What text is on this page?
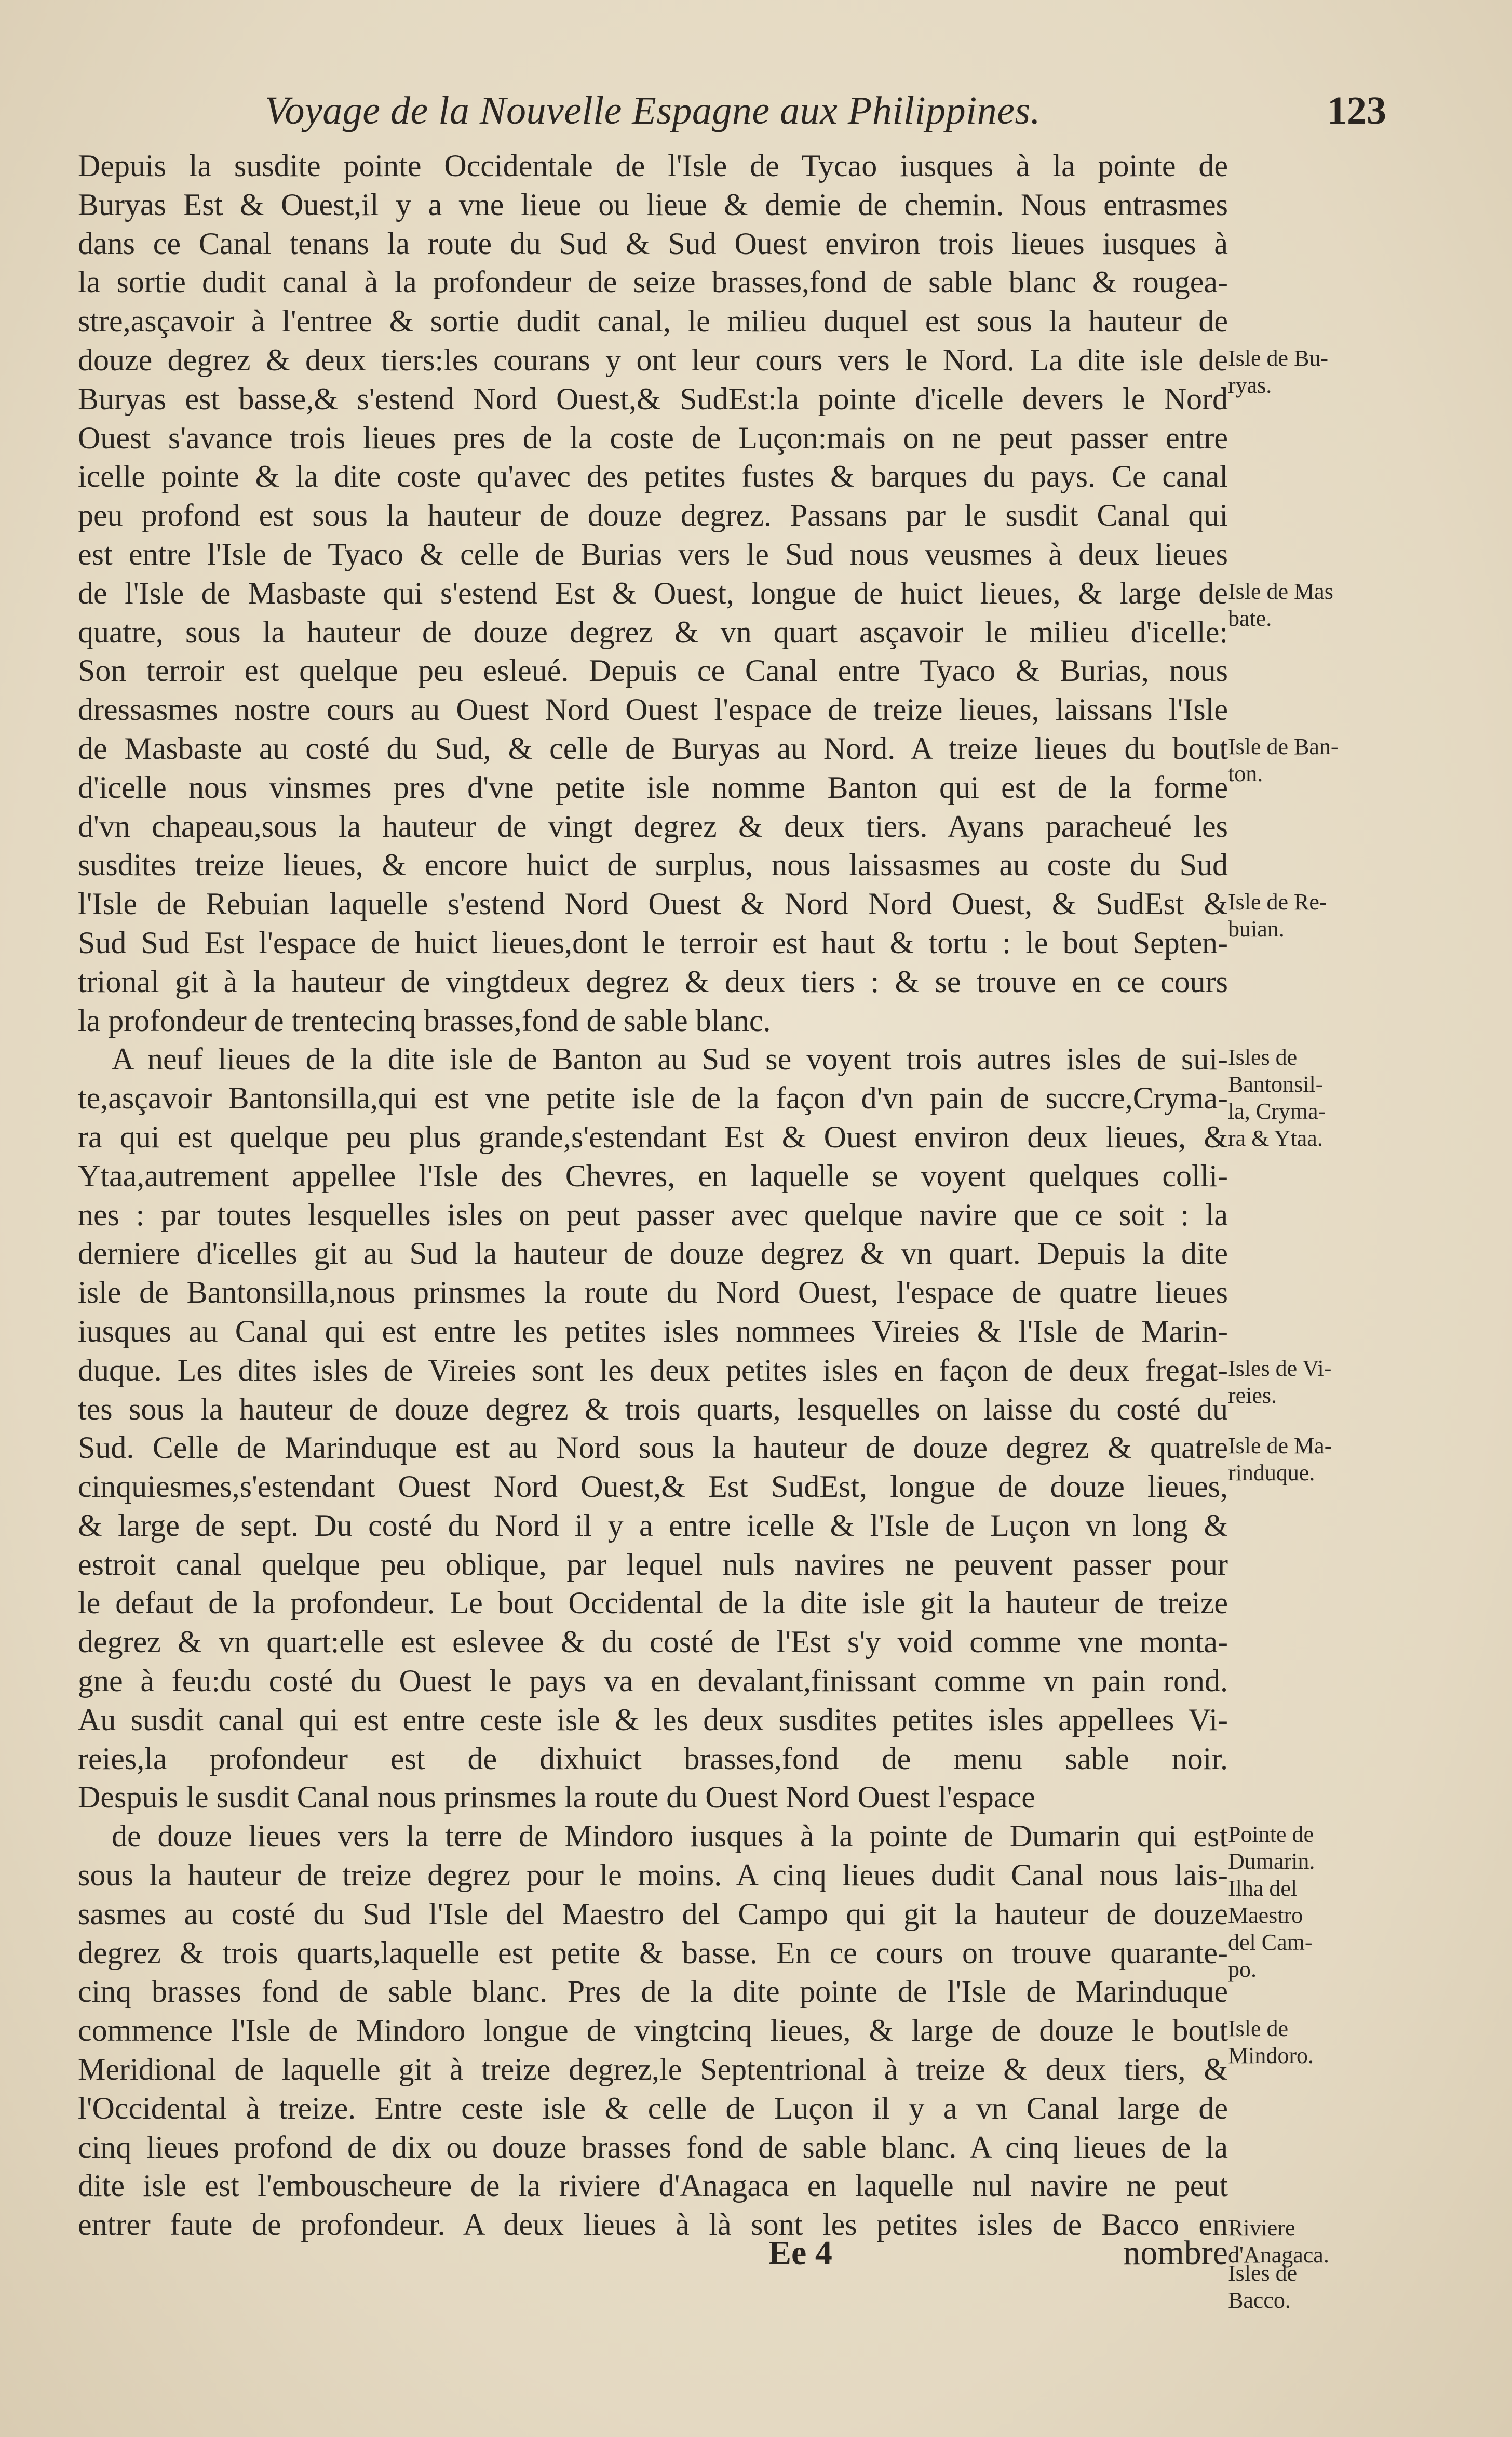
Voyage de la Nouvelle Espagne aux Philippines.	123
Depuis la susdite pointe Occidentale de l'Isle de Tycao iusques à la pointe de
Buryas Est & Ouest,il y a vne lieue ou lieue & demie de chemin. Nous entrasmes
dans ce Canal tenans la route du Sud & Sud Ouest environ trois lieues iusques à
la sortie dudit canal à la profondeur de seize brasses,fond de sable blanc & rougea-
stre,asçavoir à l'entree & sortie dudit canal, le milieu duquel est sous la hauteur de
douze degrez & deux tiers:les courans y ont leur cours vers le Nord. La dite isle de
Buryas est basse,& s'estend Nord Ouest,& SudEst:la pointe d'icelle devers le Nord
Ouest s'avance trois lieues pres de la coste de Luçon:mais on ne peut passer entre
icelle pointe & la dite coste qu'avec des petites fustes & barques du pays. Ce canal
peu profond est sous la hauteur de douze degrez. Passans par le susdit Canal qui
est entre l'Isle de Tyaco & celle de Burias vers le Sud nous veusmes à deux lieues
de l'Isle de Masbaste qui s'estend Est & Ouest, longue de huict lieues, & large de
quatre, sous la hauteur de douze degrez & vn quart asçavoir le milieu d'icelle:
Son terroir est quelque peu esleué. Depuis ce Canal entre Tyaco & Burias, nous
dressasmes nostre cours au Ouest Nord Ouest l'espace de treize lieues, laissans l'Isle
de Masbaste au costé du Sud, & celle de Buryas au Nord. A treize lieues du bout
d'icelle nous vinsmes pres d'vne petite isle nomme Banton qui est de la forme
d'vn chapeau,sous la hauteur de vingt degrez & deux tiers. Ayans paracheué les
susdites treize lieues, & encore huict de surplus, nous laissasmes au coste du Sud
l'Isle de Rebuian laquelle s'estend Nord Ouest & Nord Nord Ouest, & SudEst &
Sud Sud Est l'espace de huict lieues,dont le terroir est haut & tortu : le bout Septen-
trional git à la hauteur de vingtdeux degrez & deux tiers : & se trouve en ce cours
la profondeur de trentecinq brasses,fond de sable blanc.
A neuf lieues de la dite isle de Banton au Sud se voyent trois autres isles de sui-
te,asçavoir Bantonsilla,qui est vne petite isle de la façon d'vn pain de succre,Cryma-
ra qui est quelque peu plus grande,s'estendant Est & Ouest environ deux lieues, &
Ytaa,autrement appellee l'Isle des Chevres, en laquelle se voyent quelques colli-
nes : par toutes lesquelles isles on peut passer avec quelque navire que ce soit : la
derniere d'icelles git au Sud la hauteur de douze degrez & vn quart. Depuis la dite
isle de Bantonsilla,nous prinsmes la route du Nord Ouest, l'espace de quatre lieues
iusques au Canal qui est entre les petites isles nommees Vireies & l'Isle de Marin-
duque. Les dites isles de Vireies sont les deux petites isles en façon de deux fregat-
tes sous la hauteur de douze degrez & trois quarts, lesquelles on laisse du costé du
Sud. Celle de Marinduque est au Nord sous la hauteur de douze degrez & quatre
cinquiesmes,s'estendant Ouest Nord Ouest,& Est SudEst, longue de douze lieues,
& large de sept. Du costé du Nord il y a entre icelle & l'Isle de Luçon vn long &
estroit canal quelque peu oblique, par lequel nuls navires ne peuvent passer pour
le defaut de la profondeur. Le bout Occidental de la dite isle git la hauteur de treize
degrez & vn quart:elle est eslevee & du costé de l'Est s'y void comme vne monta-
gne à feu:du costé du Ouest le pays va en devalant,finissant comme vn pain rond.
Au susdit canal qui est entre ceste isle & les deux susdites petites isles appellees Vi-
reies,la profondeur est de dixhuict brasses,fond de menu sable noir.
Despuis le susdit Canal nous prinsmes la route du Ouest Nord Ouest l'espace
de douze lieues vers la terre de Mindoro iusques à la pointe de Dumarin qui est
sous la hauteur de treize degrez pour le moins. A cinq lieues dudit Canal nous lais-
sasmes au costé du Sud l'Isle del Maestro del Campo qui git la hauteur de douze
degrez & trois quarts,laquelle est petite & basse. En ce cours on trouve quarante-
cinq brasses fond de sable blanc. Pres de la dite pointe de l'Isle de Marinduque
commence l'Isle de Mindoro longue de vingtcinq lieues, & large de douze le bout
Meridional de laquelle git à treize degrez,le Septentrional à treize & deux tiers, &
l'Occidental à treize. Entre ceste isle & celle de Luçon il y a vn Canal large de
cinq lieues profond de dix ou douze brasses fond de sable blanc. A cinq lieues de la
dite isle est l'embouscheure de la riviere d'Anagaca en laquelle nul navire ne peut
entrer faute de profondeur. A deux lieues à là sont les petites isles de Bacco en
Isle de Bu-
ryas.
Isle de Mas
bate.
Isle de Ban-
ton.
Isle de Re-
buian.
Isles de
Bantonsil-
la, Cryma-
ra & Ytaa.
Isles de Vi-
reies.
Isle de Ma-
rinduque.
Pointe de
Dumarin.
Ilha del
Maestro
del Cam-
po.
Isle de
Mindoro.
Riviere
d'Anagaca.
Isles de
Bacco.
Ee 4	nombre
